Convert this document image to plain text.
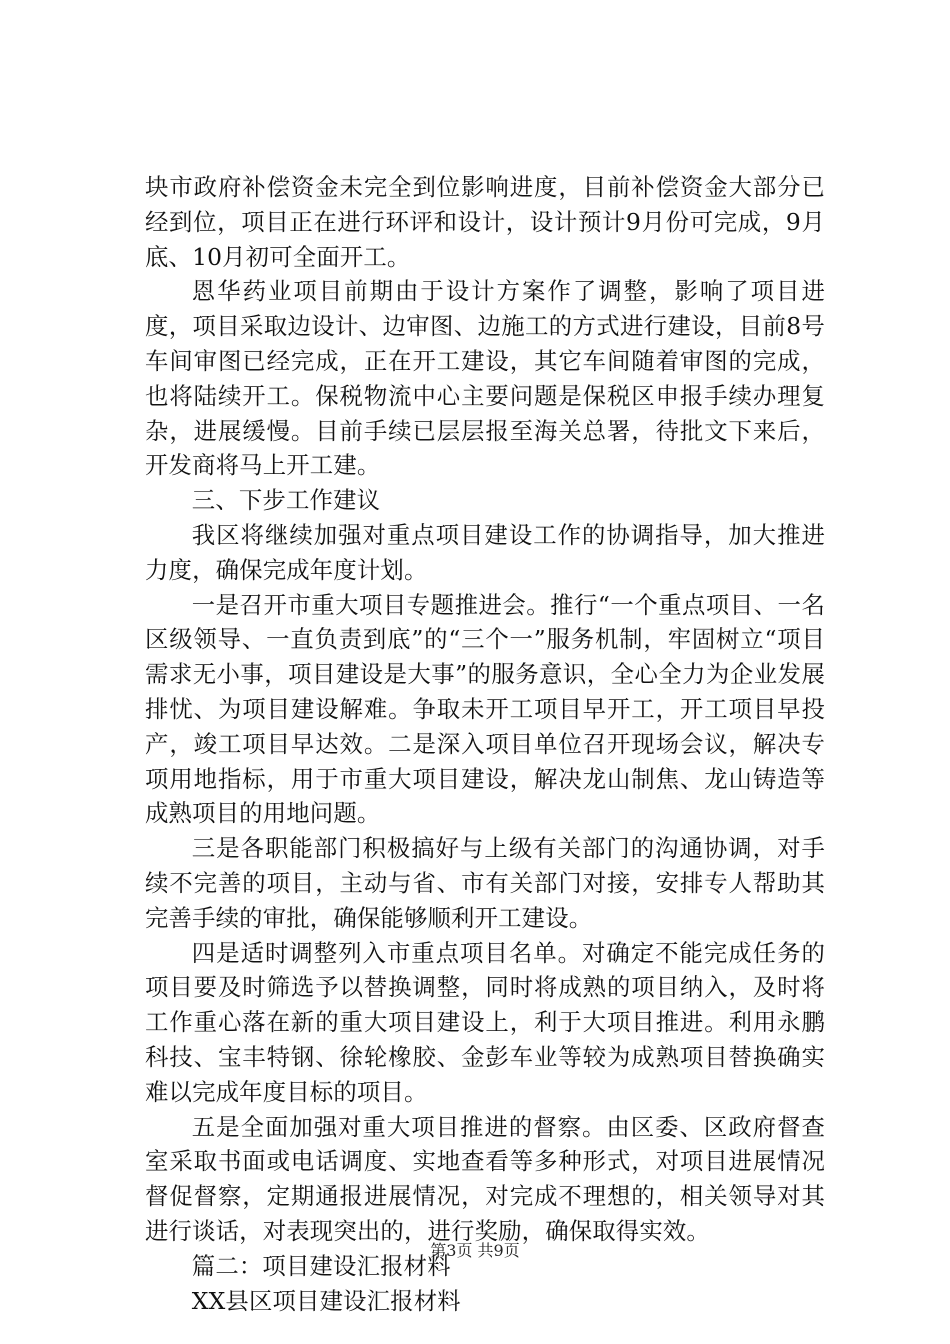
块市政府补偿资金未完全到位影响进度，目前补偿资金大部分已经到位，项目正在进行环评和设计，设计预计9月份可完成，9月底、10月初可全面开工。

恩华药业项目前期由于设计方案作了调整，影响了项目进度，项目采取边设计、边审图、边施工的方式进行建设，目前8号车间审图已经完成，正在开工建设，其它车间随着审图的完成，也将陆续开工。保税物流中心主要问题是保税区申报手续办理复杂，进展缓慢。目前手续已层层报至海关总署，待批文下来后，开发商将马上开工建。

三、下步工作建议

我区将继续加强对重点项目建设工作的协调指导，加大推进力度，确保完成年度计划。

一是召开市重大项目专题推进会。推行“一个重点项目、一名区级领导、一直负责到底”的“三个一”服务机制，牢固树立“项目需求无小事，项目建设是大事”的服务意识，全心全力为企业发展排忧、为项目建设解难。争取未开工项目早开工，开工项目早投产，竣工项目早达效。二是深入项目单位召开现场会议，解决专项用地指标，用于市重大项目建设，解决龙山制焦、龙山铸造等成熟项目的用地问题。

三是各职能部门积极搞好与上级有关部门的沟通协调，对手续不完善的项目，主动与省、市有关部门对接，安排专人帮助其完善手续的审批，确保能够顺利开工建设。

四是适时调整列入市重点项目名单。对确定不能完成任务的项目要及时筛选予以替换调整，同时将成熟的项目纳入，及时将工作重心落在新的重大项目建设上，利于大项目推进。利用永鹏科技、宝丰特钢、徐轮橡胶、金彭车业等较为成熟项目替换确实难以完成年度目标的项目。

五是全面加强对重大项目推进的督察。由区委、区政府督查室采取书面或电话调度、实地查看等多种形式，对项目进展情况督促督察，定期通报进展情况，对完成不理想的，相关领导对其进行谈话，对表现突出的，进行奖励，确保取得实效。

篇二：项目建设汇报材料

XX县区项目建设汇报材料

第3页 共9页
